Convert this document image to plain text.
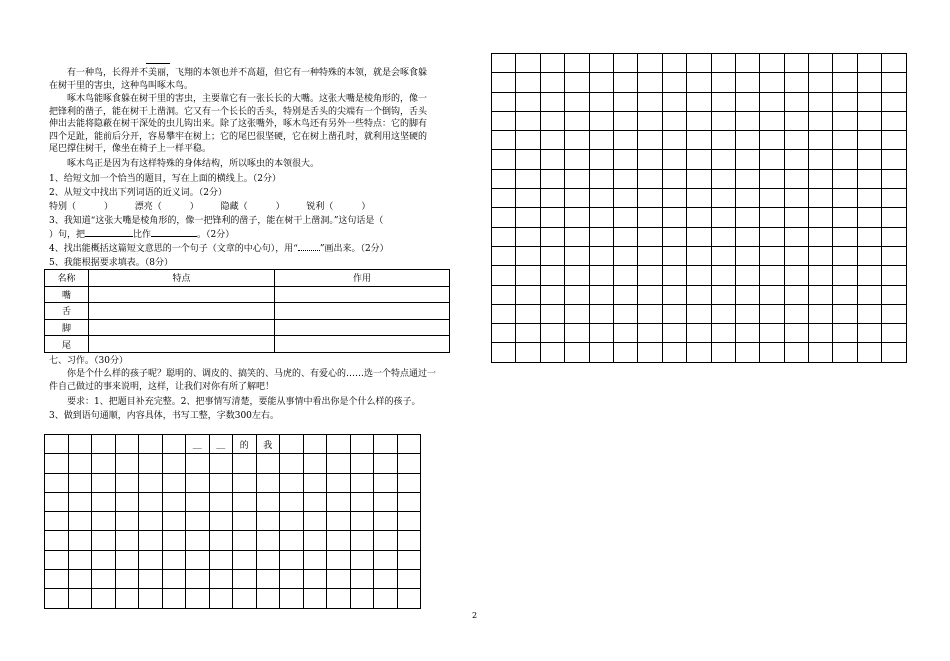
有一种鸟，长得并不美丽，飞翔的本领也并不高超，但它有一种特殊的本领，就是会啄食躲在树干里的害虫，这种鸟叫啄木鸟。

啄木鸟能啄食躲在树干里的害虫，主要靠它有一张长长的大嘴。这张大嘴是棱角形的，像一把锋利的凿子，能在树干上凿洞。它又有一个长长的舌头，特别是舌头的尖端有一个倒钩，舌头伸出去能将隐蔽在树干深处的虫儿钩出来。除了这张嘴外，啄木鸟还有另外一些特点：它的脚有四个足趾，能前后分开，容易攀牢在树上；它的尾巴很坚硬，它在树上凿孔时，就利用这坚硬的尾巴撑住树干，像坐在椅子上一样平稳。

啄木鸟正是因为有这样特殊的身体结构，所以啄虫的本领很大。

1、给短文加一个恰当的题目，写在上面的横线上。（2分）
2、从短文中找出下列词语的近义词。（2分）
特别（	） 漂亮（	） 隐藏（	） 锐利（	）
3、我知道“这张大嘴是棱角形的，像一把锋利的凿子，能在树干上凿洞。”这句话是（
）句，把	比作	。（2分）
4、找出能概括这篇短文意思的一个句子（文章的中心句），用“ ”画出来。（2分）
5、我能根据要求填表。（8分）
名称	特点	作用
嘴		
舌		
脚		
尾		
七、习作。（30分）

你是个什么样的孩子呢？聪明的、调皮的、搞笑的、马虎的、有爱心的……选一个特点通过一件自己做过的事来说明，这样，让我们对你有所了解吧！

要求：1、把题目补充完整。2、把事情写清楚，要能从事情中看出你是个什么样的孩子。
3、做到语句通顺，内容具体，书写工整，字数300左右。
						__	__	的	我						

2
